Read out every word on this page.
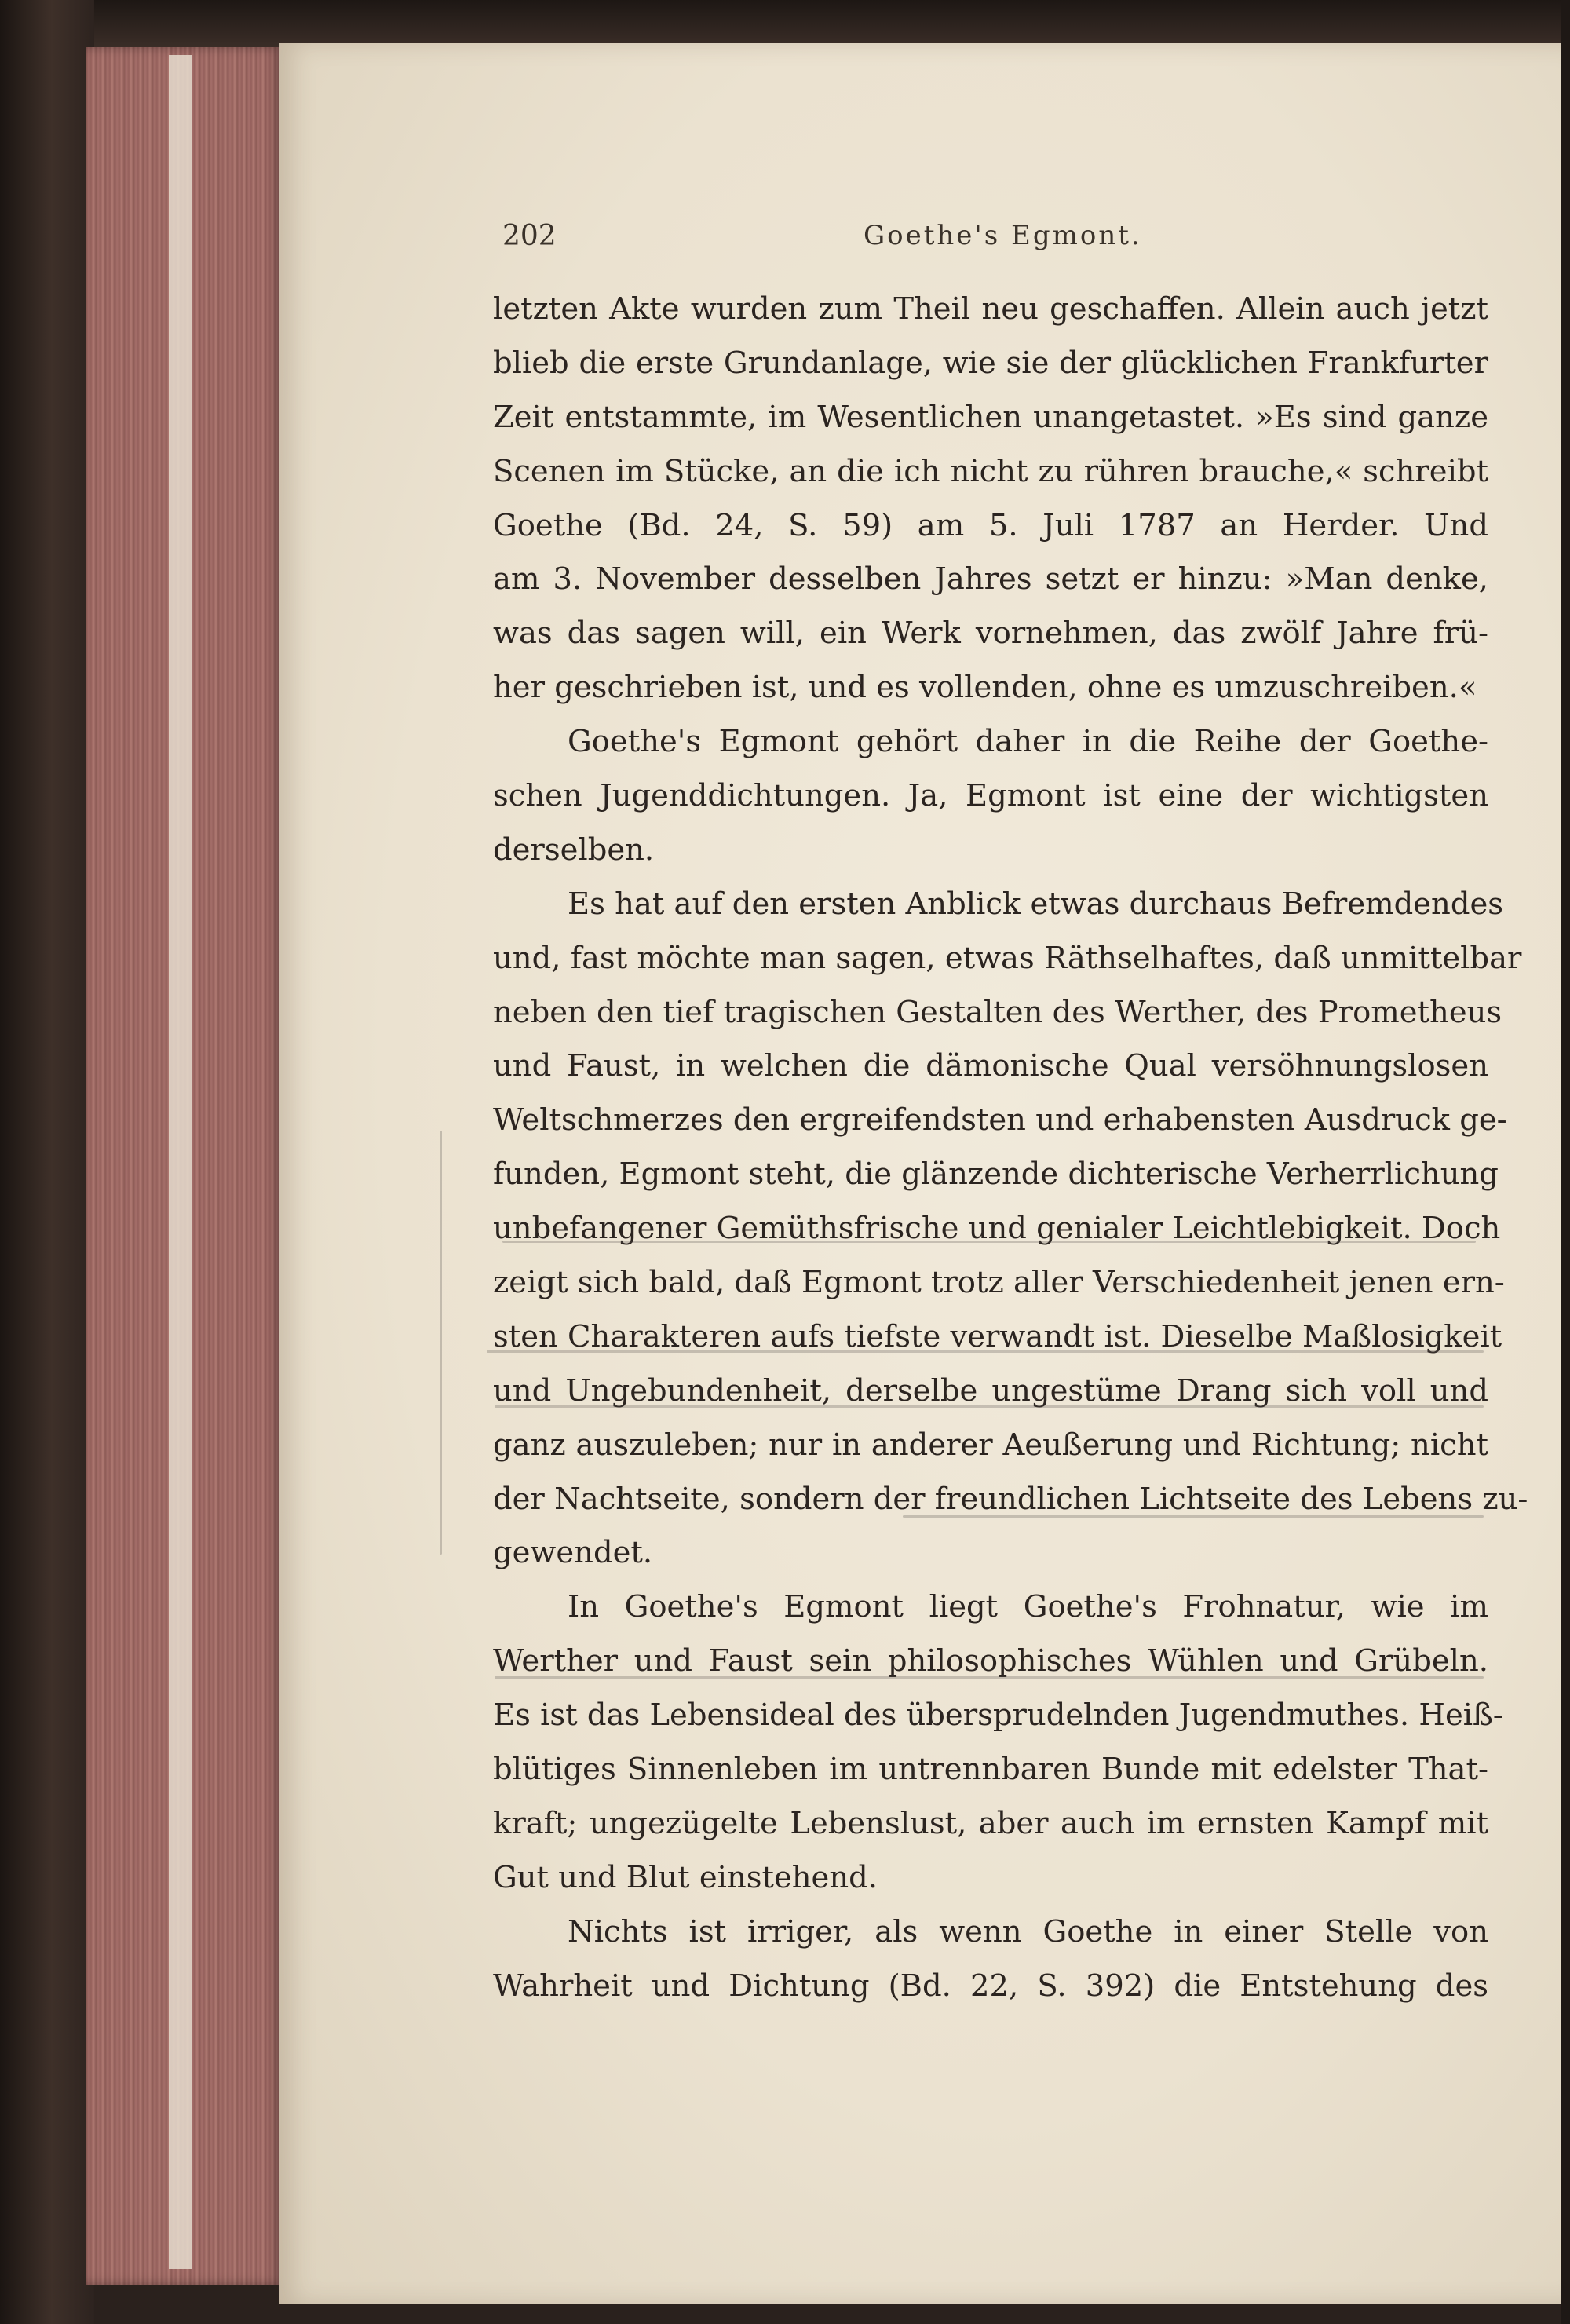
202	Goethe's Egmont.
letzten Akte wurden zum Theil neu geschaffen. Allein auch jetzt
blieb die erste Grundanlage, wie sie der glücklichen Frankfurter
Zeit entstammte, im Wesentlichen unangetastet. »Es sind ganze
Scenen im Stücke, an die ich nicht zu rühren brauche,« schreibt
Goethe (Bd. 24, S. 59) am 5. Juli 1787 an Herder. Und
am 3. November desselben Jahres setzt er hinzu: »Man denke,
was das sagen will, ein Werk vornehmen, das zwölf Jahre frü-
her geschrieben ist, und es vollenden, ohne es umzuschreiben.«
Goethe's Egmont gehört daher in die Reihe der Goethe-
schen Jugenddichtungen. Ja, Egmont ist eine der wichtigsten
derselben.
Es hat auf den ersten Anblick etwas durchaus Befremdendes
und, fast möchte man sagen, etwas Räthselhaftes, daß unmittelbar
neben den tief tragischen Gestalten des Werther, des Prometheus
und Faust, in welchen die dämonische Qual versöhnungslosen
Weltschmerzes den ergreifendsten und erhabensten Ausdruck ge-
funden, Egmont steht, die glänzende dichterische Verherrlichung
unbefangener Gemüthsfrische und genialer Leichtlebigkeit. Doch
zeigt sich bald, daß Egmont trotz aller Verschiedenheit jenen ern-
sten Charakteren aufs tiefste verwandt ist. Dieselbe Maßlosigkeit
und Ungebundenheit, derselbe ungestüme Drang sich voll und
ganz auszuleben; nur in anderer Aeußerung und Richtung; nicht
der Nachtseite, sondern der freundlichen Lichtseite des Lebens zu-
gewendet.
In Goethe's Egmont liegt Goethe's Frohnatur, wie im
Werther und Faust sein philosophisches Wühlen und Grübeln.
Es ist das Lebensideal des übersprudelnden Jugendmuthes. Heiß-
blütiges Sinnenleben im untrennbaren Bunde mit edelster That-
kraft; ungezügelte Lebenslust, aber auch im ernsten Kampf mit
Gut und Blut einstehend.
Nichts ist irriger, als wenn Goethe in einer Stelle von
Wahrheit und Dichtung (Bd. 22, S. 392) die Entstehung des
